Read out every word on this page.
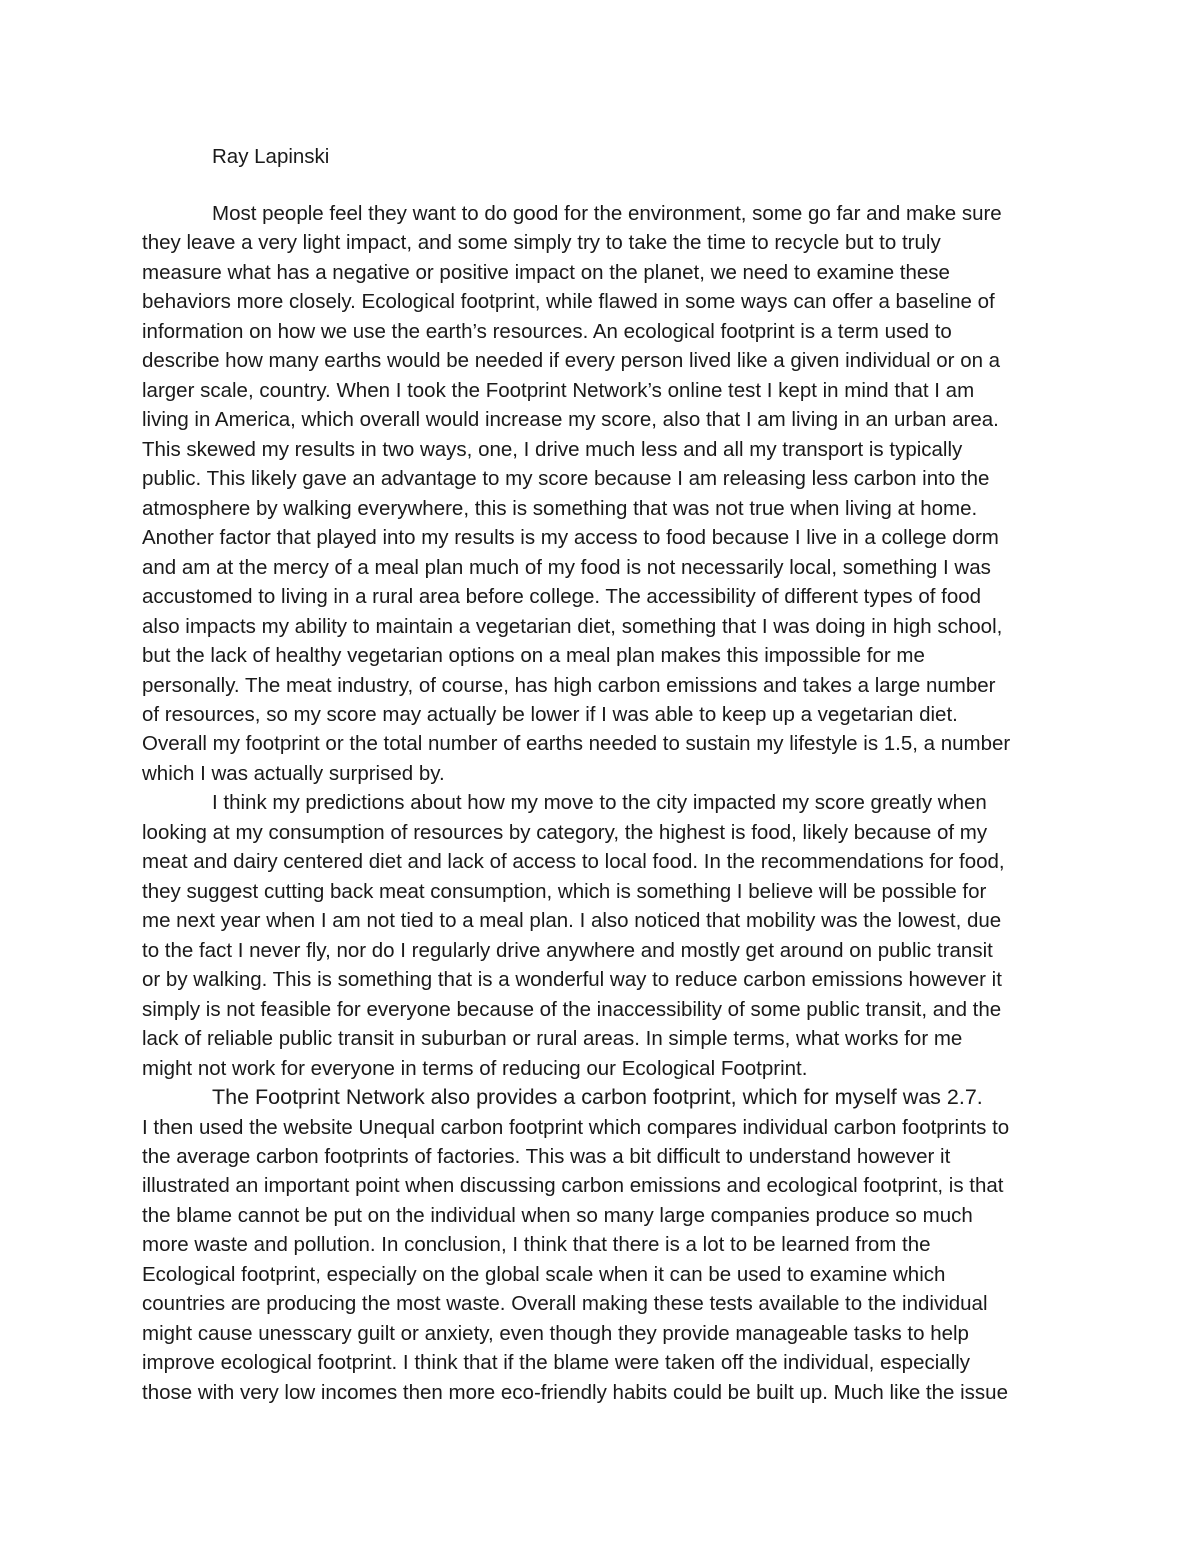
Ray Lapinski
Most people feel they want to do good for the environment, some go far and make sure
they leave a very light impact, and some simply try to take the time to recycle but to truly
measure what has a negative or positive impact on the planet, we need to examine these
behaviors more closely. Ecological footprint, while flawed in some ways can offer a baseline of
information on how we use the earth’s resources. An ecological footprint is a term used to
describe how many earths would be needed if every person lived like a given individual or on a
larger scale, country. When I took the Footprint Network’s online test I kept in mind that I am
living in America, which overall would increase my score, also that I am living in an urban area.
This skewed my results in two ways, one, I drive much less and all my transport is typically
public. This likely gave an advantage to my score because I am releasing less carbon into the
atmosphere by walking everywhere, this is something that was not true when living at home.
Another factor that played into my results is my access to food because I live in a college dorm
and am at the mercy of a meal plan much of my food is not necessarily local, something I was
accustomed to living in a rural area before college. The accessibility of different types of food
also impacts my ability to maintain a vegetarian diet, something that I was doing in high school,
but the lack of healthy vegetarian options on a meal plan makes this impossible for me
personally. The meat industry, of course, has high carbon emissions and takes a large number
of resources, so my score may actually be lower if I was able to keep up a vegetarian diet.
Overall my footprint or the total number of earths needed to sustain my lifestyle is 1.5, a number
which I was actually surprised by.
I think my predictions about how my move to the city impacted my score greatly when
looking at my consumption of resources by category, the highest is food, likely because of my
meat and dairy centered diet and lack of access to local food. In the recommendations for food,
they suggest cutting back meat consumption, which is something I believe will be possible for
me next year when I am not tied to a meal plan. I also noticed that mobility was the lowest, due
to the fact I never fly, nor do I regularly drive anywhere and mostly get around on public transit
or by walking. This is something that is a wonderful way to reduce carbon emissions however it
simply is not feasible for everyone because of the inaccessibility of some public transit, and the
lack of reliable public transit in suburban or rural areas. In simple terms, what works for me
might not work for everyone in terms of reducing our Ecological Footprint.
The Footprint Network also provides a carbon footprint, which for myself was 2.7.
I then used the website Unequal carbon footprint which compares individual carbon footprints to
the average carbon footprints of factories. This was a bit difficult to understand however it
illustrated an important point when discussing carbon emissions and ecological footprint, is that
the blame cannot be put on the individual when so many large companies produce so much
more waste and pollution. In conclusion, I think that there is a lot to be learned from the
Ecological footprint, especially on the global scale when it can be used to examine which
countries are producing the most waste. Overall making these tests available to the individual
might cause unesscary guilt or anxiety, even though they provide manageable tasks to help
improve ecological footprint. I think that if the blame were taken off the individual, especially
those with very low incomes then more eco-friendly habits could be built up. Much like the issue
